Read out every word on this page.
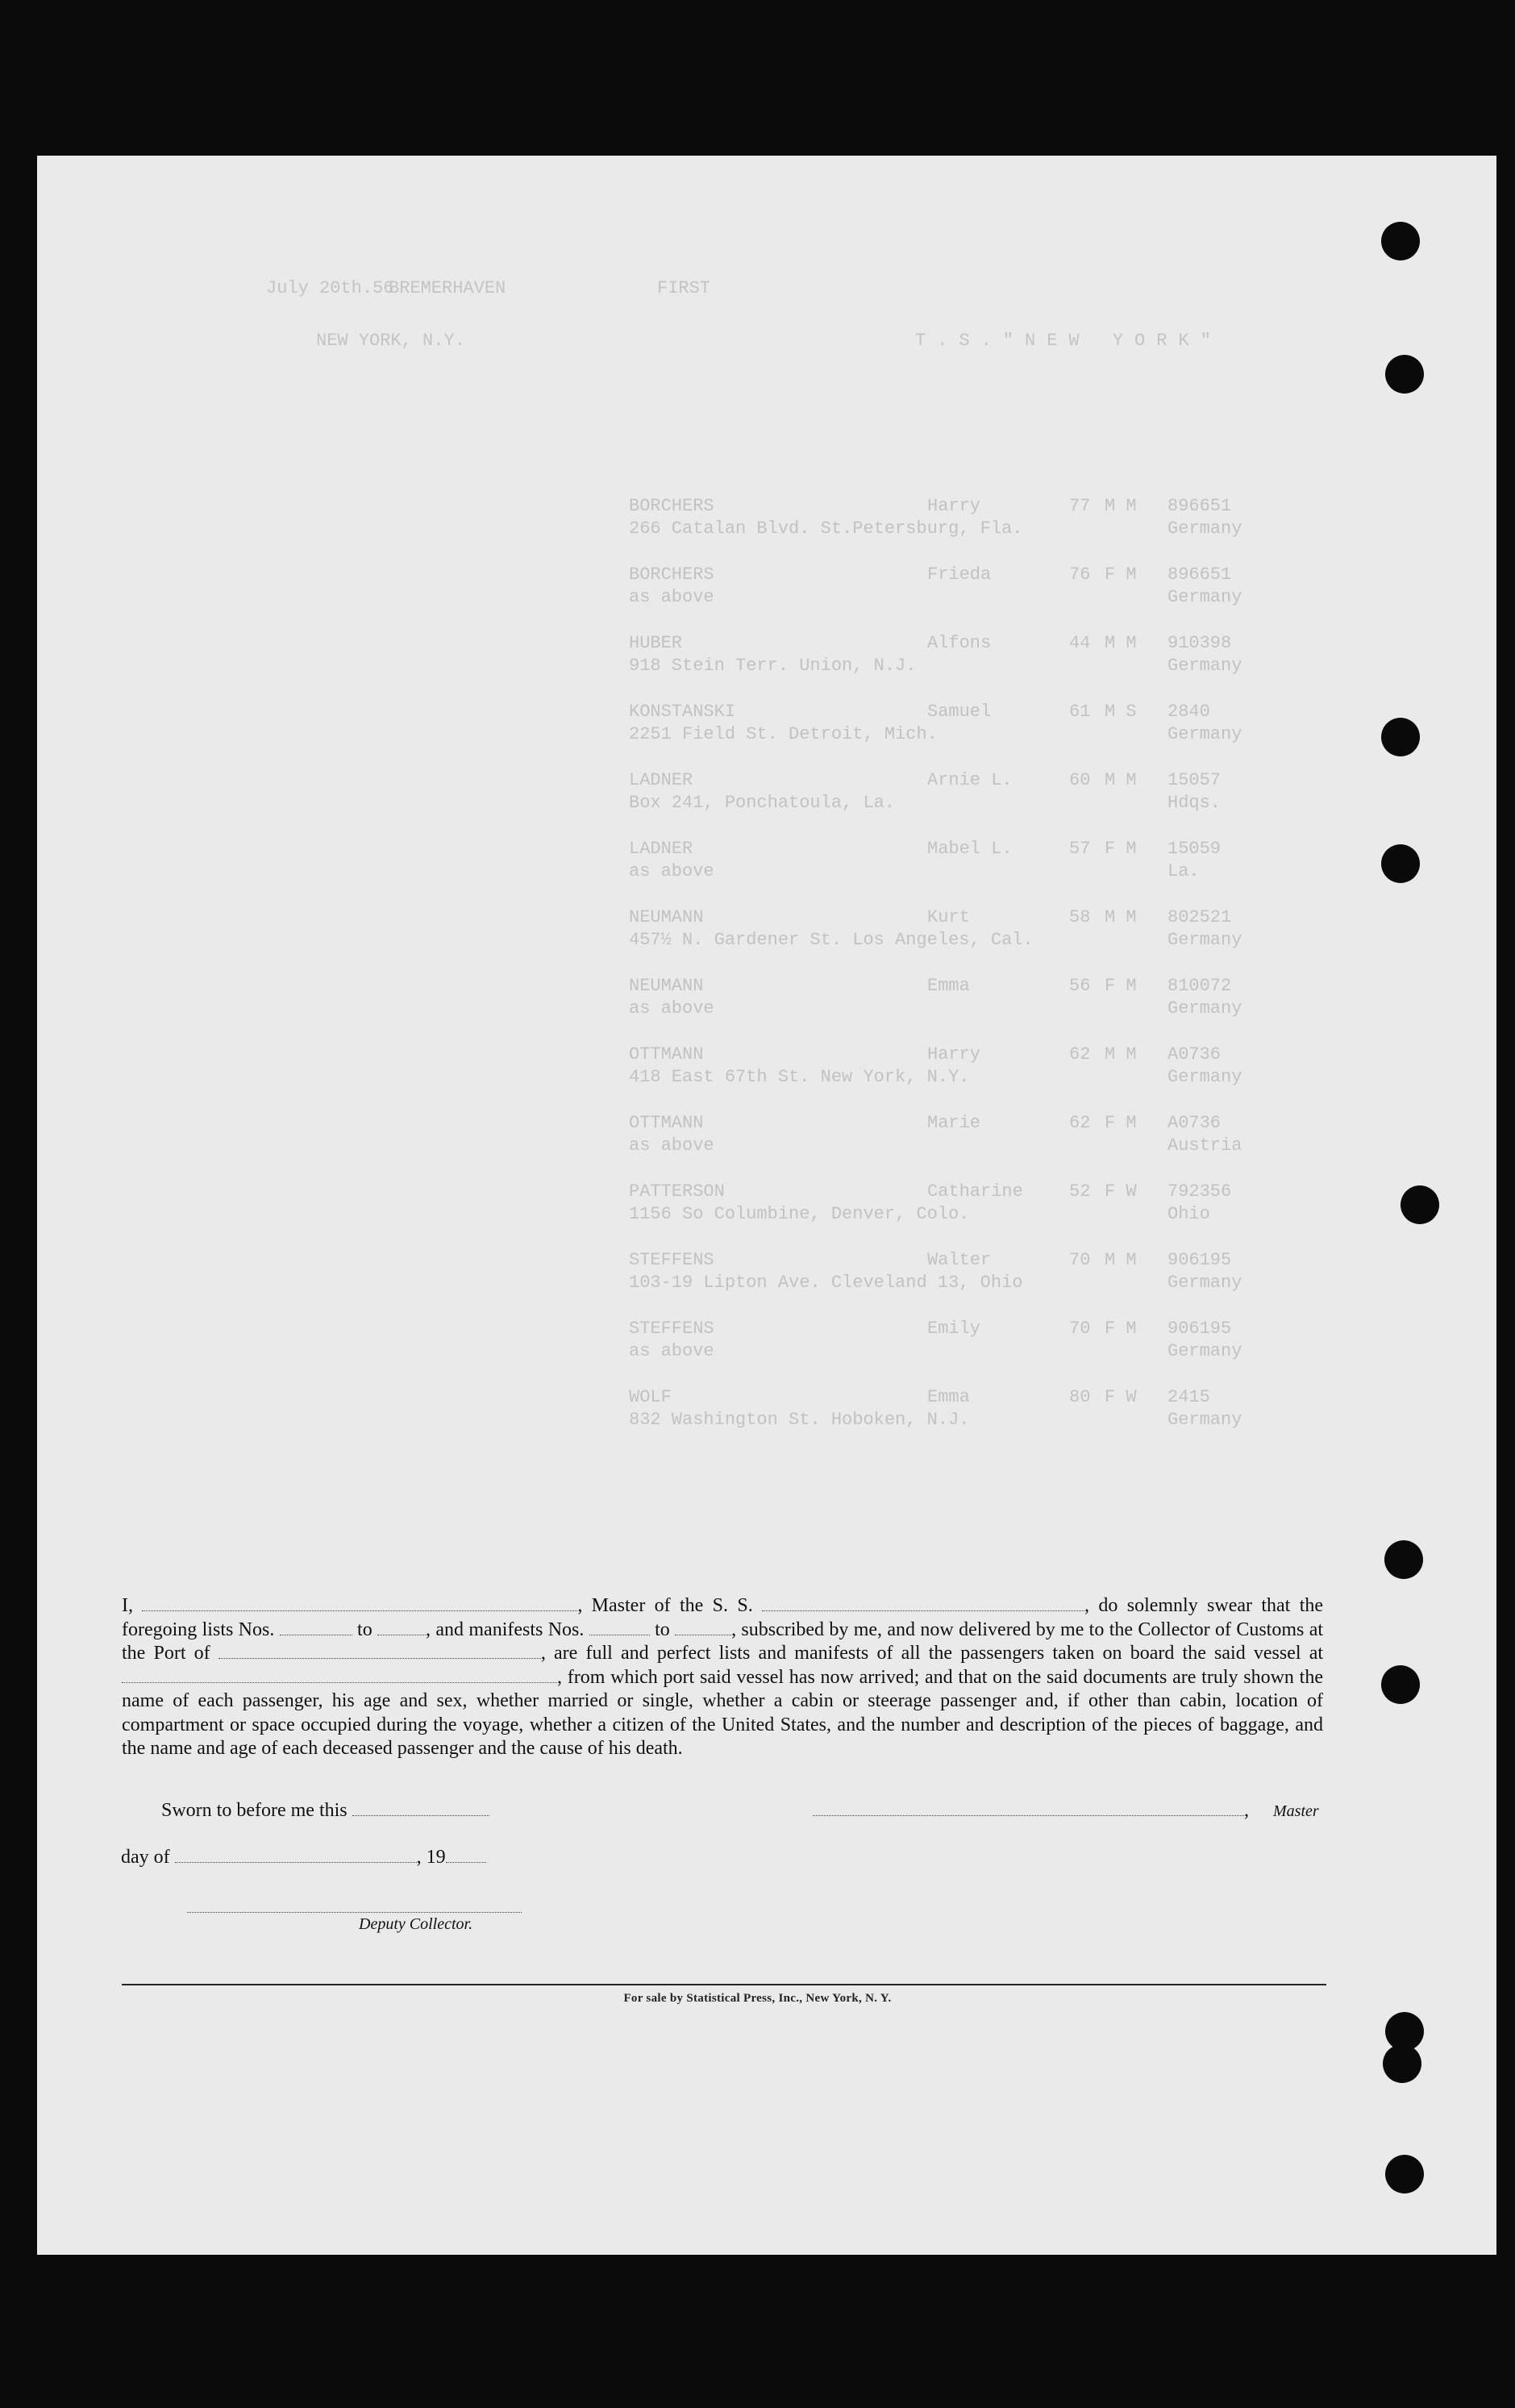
FIRST
BREMERHAVEN
July 20th.56
T.S."NEW YORK"
NEW YORK, N.Y.
BORCHERS	Harry	77 M M 896651
266 Catalan Blvd. St.Petersburg, Fla.	Germany
BORCHERS	Frieda	76 F M 896651
as above	Germany
HUBER	Alfons	44 M M 910398
918 Stein Terr. Union, N.J.	Germany
KONSTANSKI	Samuel	61 M S 2840
2251 Field St. Detroit, Mich.	Germany
LADNER	Arnie L.	60 M M 15057
Box 241, Ponchatoula, La.	Hdqs.
LADNER	Mabel L.	57 F M 15059
as above	La.
NEUMANN	Kurt	58 M M 802521
457½ N. Gardener St. Los Angeles, Cal.	Germany
NEUMANN	Emma	56 F M 810072
as above	Germany
OTTMANN	Harry	62 M M A0736
418 East 67th St. New York, N.Y.	Germany
OTTMANN	Marie	62 F M A0736
as above	Austria
PATTERSON	Catharine	52 F W 792356
1156 So Columbine, Denver, Colo.	Ohio
STEFFENS	Walter	70 M M 906195
103-19 Lipton Ave. Cleveland 13, Ohio	Germany
STEFFENS	Emily	70 F M 906195
as above	Germany
WOLF	Emma	80 F W 2415
832 Washington St. Hoboken, N.J.	Germany
I,	, Master of the S. S.	, do solemnly swear that the foregoing lists Nos.	to	, and manifests Nos.	to	, subscribed by me, and now delivered by me to the Collector of Customs at the Port of	, are full and perfect lists and manifests of all the passengers taken on board the said vessel at , from which port said vessel has now arrived; and that on the said documents are truly shown the name of each passenger, his age and sex, whether married or single, whether a cabin or steerage passenger and, if other than cabin, location of compartment or space occupied during the voyage, whether a citizen of the United States, and the number and description of the pieces of baggage, and the name and age of each deceased passenger and the cause of his death.
Sworn to before me this	, Master
day of	, 19
Deputy Collector.
For sale by Statistical Press, Inc., New York, N. Y.
